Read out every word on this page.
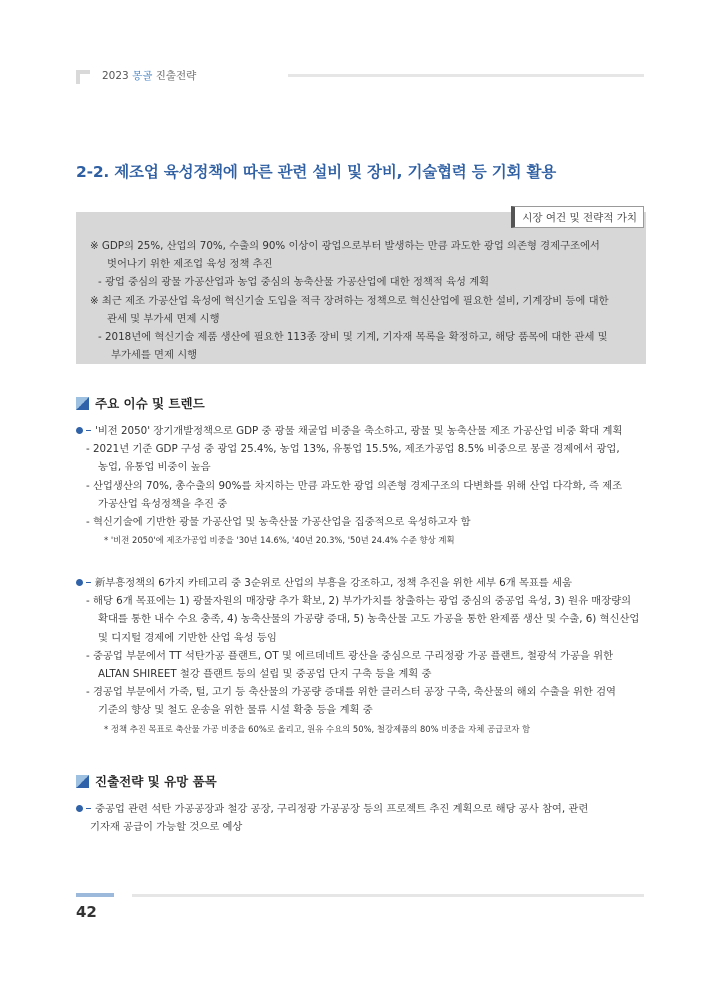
2023 몽골 진출전략
2-2. 제조업 육성정책에 따른 관련 설비 및 장비, 기술협력 등 기회 활용
시장 여건 및 전략적 가치
※ GDP의 25%, 산업의 70%, 수출의 90% 이상이 광업으로부터 발생하는 만큼 과도한 광업 의존형 경제구조에서
벗어나기 위한 제조업 육성 정책 추진
- 광업 중심의 광물 가공산업과 농업 중심의 농축산물 가공산업에 대한 정책적 육성 계획
※ 최근 제조 가공산업 육성에 혁신기술 도입을 적극 장려하는 정책으로 혁신산업에 필요한 설비, 기계장비 등에 대한
관세 및 부가세 면제 시행
- 2018년에 혁신기술 제품 생산에 필요한 113종 장비 및 기계, 기자재 목록을 확정하고, 해당 품목에 대한 관세 및
부가세를 면제 시행
주요 이슈 및 트렌드
'비전 2050' 장기개발정책으로 GDP 중 광물 채굴업 비중을 축소하고, 광물 및 농축산물 제조 가공산업 비중 확대 계획
- 2021년 기준 GDP 구성 중 광업 25.4%, 농업 13%, 유통업 15.5%, 제조가공업 8.5% 비중으로 몽골 경제에서 광업,
농업, 유통업 비중이 높음
- 산업생산의 70%, 총수출의 90%를 차지하는 만큼 과도한 광업 의존형 경제구조의 다변화를 위해 산업 다각화, 즉 제조
가공산업 육성정책을 추진 중
- 혁신기술에 기반한 광물 가공산업 및 농축산물 가공산업을 집중적으로 육성하고자 함
* '비전 2050'에 제조가공업 비중을 '30년 14.6%, '40년 20.3%, '50년 24.4% 수준 향상 계획
新부흥정책의 6가지 카테고리 중 3순위로 산업의 부흥을 강조하고, 정책 추진을 위한 세부 6개 목표를 세움
- 해당 6개 목표에는 1) 광물자원의 매장량 추가 확보, 2) 부가가치를 창출하는 광업 중심의 중공업 육성, 3) 원유 매장량의
확대를 통한 내수 수요 충족, 4) 농축산물의 가공량 증대, 5) 농축산물 고도 가공을 통한 완제품 생산 및 수출, 6) 혁신산업
및 디지털 경제에 기반한 산업 육성 등임
- 중공업 부문에서 TT 석탄가공 플랜트, OT 및 에르데네트 광산을 중심으로 구리정광 가공 플랜트, 철광석 가공을 위한
ALTAN SHIREET 철강 플랜트 등의 설립 및 중공업 단지 구축 등을 계획 중
- 경공업 부문에서 가죽, 털, 고기 등 축산물의 가공량 증대를 위한 클러스터 공장 구축, 축산물의 해외 수출을 위한 검역
기준의 향상 및 철도 운송을 위한 물류 시설 확충 등을 계획 중
* 정책 추진 목표로 축산물 가공 비중을 60%로 올리고, 원유 수요의 50%, 철강제품의 80% 비중을 자체 공급코자 함
진출전략 및 유망 품목
중공업 관련 석탄 가공공장과 철강 공장, 구리정광 가공공장 등의 프로젝트 추진 계획으로 해당 공사 참여, 관련
기자재 공급이 가능할 것으로 예상
42
